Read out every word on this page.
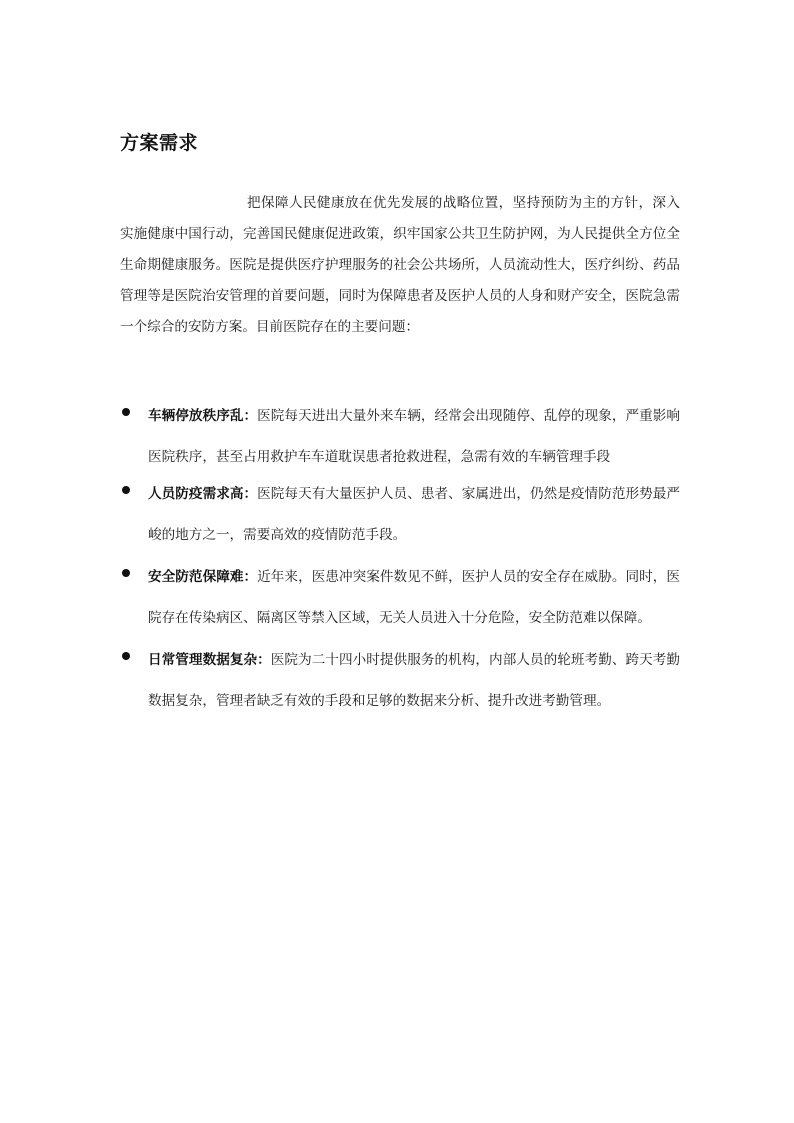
方案需求
把保障人民健康放在优先发展的战略位置，坚持预防为主的方针，深入实施健康中国行动，完善国民健康促进政策，织牢国家公共卫生防护网，为人民提供全方位全生命期健康服务。医院是提供医疗护理服务的社会公共场所，人员流动性大，医疗纠纷、药品管理等是医院治安管理的首要问题，同时为保障患者及医护人员的人身和财产安全，医院急需一个综合的安防方案。目前医院存在的主要问题：
车辆停放秩序乱：医院每天进出大量外来车辆，经常会出现随停、乱停的现象，严重影响医院秩序，甚至占用救护车车道耽误患者抢救进程，急需有效的车辆管理手段
人员防疫需求高：医院每天有大量医护人员、患者、家属进出，仍然是疫情防范形势最严峻的地方之一，需要高效的疫情防范手段。
安全防范保障难：近年来，医患冲突案件数见不鲜，医护人员的安全存在威胁。同时，医院存在传染病区、隔离区等禁入区域，无关人员进入十分危险，安全防范难以保障。
日常管理数据复杂：医院为二十四小时提供服务的机构，内部人员的轮班考勤、跨天考勤数据复杂，管理者缺乏有效的手段和足够的数据来分析、提升改进考勤管理。
